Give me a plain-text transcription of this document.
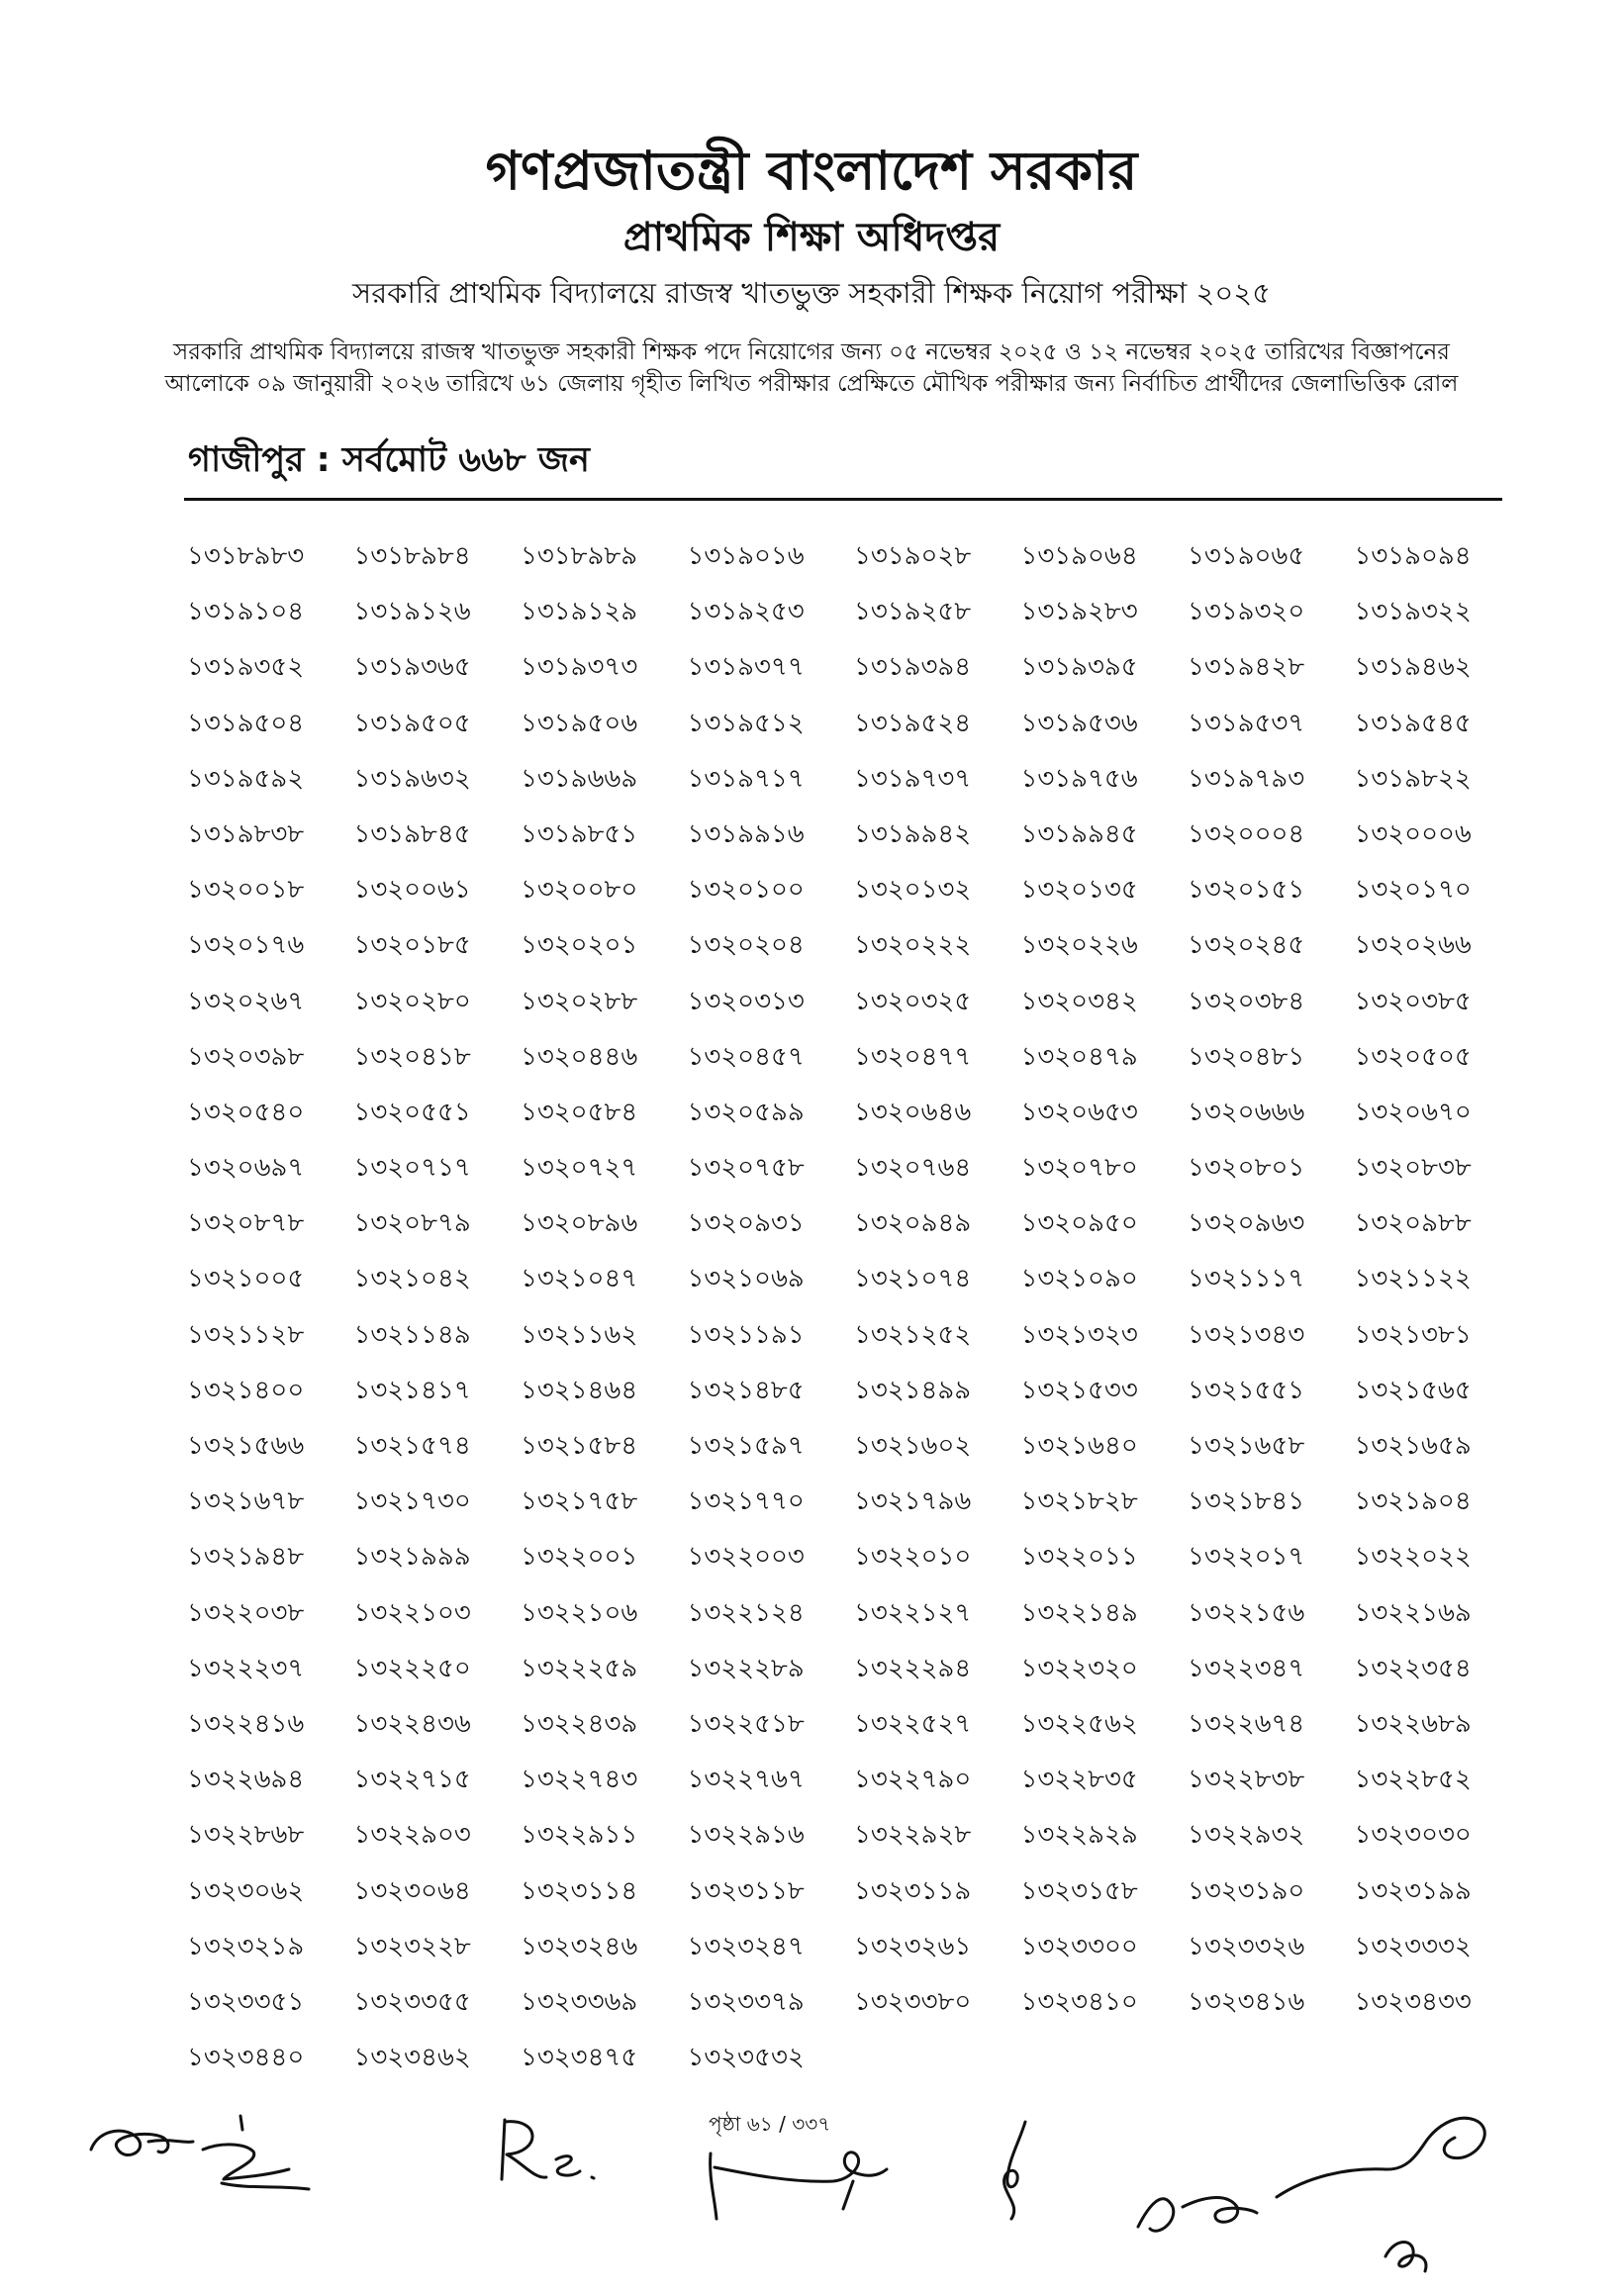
গণপ্রজাতন্ত্রী বাংলাদেশ সরকার
প্রাথমিক শিক্ষা অধিদপ্তর
সরকারি প্রাথমিক বিদ্যালয়ে রাজস্ব খাতভুক্ত সহকারী শিক্ষক নিয়োগ পরীক্ষা ২০২৫
সরকারি প্রাথমিক বিদ্যালয়ে রাজস্ব খাতভুক্ত সহকারী শিক্ষক পদে নিয়োগের জন্য ০৫ নভেম্বর ২০২৫ ও ১২ নভেম্বর ২০২৫ তারিখের বিজ্ঞাপনের
আলোকে ০৯ জানুয়ারী ২০২৬ তারিখে ৬১ জেলায় গৃহীত লিখিত পরীক্ষার প্রেক্ষিতে মৌখিক পরীক্ষার জন্য নির্বাচিত প্রার্থীদের জেলাভিত্তিক রোল
গাজীপুর : সর্বমোট ৬৬৮ জন
১৩১৮৯৮৩	১৩১৮৯৮৪	১৩১৮৯৮৯	১৩১৯০১৬	১৩১৯০২৮	১৩১৯০৬৪	১৩১৯০৬৫	১৩১৯০৯৪
১৩১৯১০৪	১৩১৯১২৬	১৩১৯১২৯	১৩১৯২৫৩	১৩১৯২৫৮	১৩১৯২৮৩	১৩১৯৩২০	১৩১৯৩২২
১৩১৯৩৫২	১৩১৯৩৬৫	১৩১৯৩৭৩	১৩১৯৩৭৭	১৩১৯৩৯৪	১৩১৯৩৯৫	১৩১৯৪২৮	১৩১৯৪৬২
১৩১৯৫০৪	১৩১৯৫০৫	১৩১৯৫০৬	১৩১৯৫১২	১৩১৯৫২৪	১৩১৯৫৩৬	১৩১৯৫৩৭	১৩১৯৫৪৫
১৩১৯৫৯২	১৩১৯৬৩২	১৩১৯৬৬৯	১৩১৯৭১৭	১৩১৯৭৩৭	১৩১৯৭৫৬	১৩১৯৭৯৩	১৩১৯৮২২
১৩১৯৮৩৮	১৩১৯৮৪৫	১৩১৯৮৫১	১৩১৯৯১৬	১৩১৯৯৪২	১৩১৯৯৪৫	১৩২০০০৪	১৩২০০০৬
১৩২০০১৮	১৩২০০৬১	১৩২০০৮০	১৩২০১০০	১৩২০১৩২	১৩২০১৩৫	১৩২০১৫১	১৩২০১৭০
১৩২০১৭৬	১৩২০১৮৫	১৩২০২০১	১৩২০২০৪	১৩২০২২২	১৩২০২২৬	১৩২০২৪৫	১৩২০২৬৬
১৩২০২৬৭	১৩২০২৮০	১৩২০২৮৮	১৩২০৩১৩	১৩২০৩২৫	১৩২০৩৪২	১৩২০৩৮৪	১৩২০৩৮৫
১৩২০৩৯৮	১৩২০৪১৮	১৩২০৪৪৬	১৩২০৪৫৭	১৩২০৪৭৭	১৩২০৪৭৯	১৩২০৪৮১	১৩২০৫০৫
১৩২০৫৪০	১৩২০৫৫১	১৩২০৫৮৪	১৩২০৫৯৯	১৩২০৬৪৬	১৩২০৬৫৩	১৩২০৬৬৬	১৩২০৬৭০
১৩২০৬৯৭	১৩২০৭১৭	১৩২০৭২৭	১৩২০৭৫৮	১৩২০৭৬৪	১৩২০৭৮০	১৩২০৮০১	১৩২০৮৩৮
১৩২০৮৭৮	১৩২০৮৭৯	১৩২০৮৯৬	১৩২০৯৩১	১৩২০৯৪৯	১৩২০৯৫০	১৩২০৯৬৩	১৩২০৯৮৮
১৩২১০০৫	১৩২১০৪২	১৩২১০৪৭	১৩২১০৬৯	১৩২১০৭৪	১৩২১০৯০	১৩২১১১৭	১৩২১১২২
১৩২১১২৮	১৩২১১৪৯	১৩২১১৬২	১৩২১১৯১	১৩২১২৫২	১৩২১৩২৩	১৩২১৩৪৩	১৩২১৩৮১
১৩২১৪০০	১৩২১৪১৭	১৩২১৪৬৪	১৩২১৪৮৫	১৩২১৪৯৯	১৩২১৫৩৩	১৩২১৫৫১	১৩২১৫৬৫
১৩২১৫৬৬	১৩২১৫৭৪	১৩২১৫৮৪	১৩২১৫৯৭	১৩২১৬০২	১৩২১৬৪০	১৩২১৬৫৮	১৩২১৬৫৯
১৩২১৬৭৮	১৩২১৭৩০	১৩২১৭৫৮	১৩২১৭৭০	১৩২১৭৯৬	১৩২১৮২৮	১৩২১৮৪১	১৩২১৯০৪
১৩২১৯৪৮	১৩২১৯৯৯	১৩২২০০১	১৩২২০০৩	১৩২২০১০	১৩২২০১১	১৩২২০১৭	১৩২২০২২
১৩২২০৩৮	১৩২২১০৩	১৩২২১০৬	১৩২২১২৪	১৩২২১২৭	১৩২২১৪৯	১৩২২১৫৬	১৩২২১৬৯
১৩২২২৩৭	১৩২২২৫০	১৩২২২৫৯	১৩২২২৮৯	১৩২২২৯৪	১৩২২৩২০	১৩২২৩৪৭	১৩২২৩৫৪
১৩২২৪১৬	১৩২২৪৩৬	১৩২২৪৩৯	১৩২২৫১৮	১৩২২৫২৭	১৩২২৫৬২	১৩২২৬৭৪	১৩২২৬৮৯
১৩২২৬৯৪	১৩২২৭১৫	১৩২২৭৪৩	১৩২২৭৬৭	১৩২২৭৯০	১৩২২৮৩৫	১৩২২৮৩৮	১৩২২৮৫২
১৩২২৮৬৮	১৩২২৯০৩	১৩২২৯১১	১৩২২৯১৬	১৩২২৯২৮	১৩২২৯২৯	১৩২২৯৩২	১৩২৩০৩০
১৩২৩০৬২	১৩২৩০৬৪	১৩২৩১১৪	১৩২৩১১৮	১৩২৩১১৯	১৩২৩১৫৮	১৩২৩১৯০	১৩২৩১৯৯
১৩২৩২১৯	১৩২৩২২৮	১৩২৩২৪৬	১৩২৩২৪৭	১৩২৩২৬১	১৩২৩৩০০	১৩২৩৩২৬	১৩২৩৩৩২
১৩২৩৩৫১	১৩২৩৩৫৫	১৩২৩৩৬৯	১৩২৩৩৭৯	১৩২৩৩৮০	১৩২৩৪১০	১৩২৩৪১৬	১৩২৩৪৩৩
১৩২৩৪৪০	১৩২৩৪৬২	১৩২৩৪৭৫	১৩২৩৫৩২
পৃষ্ঠা ৬১ / ৩৩৭
